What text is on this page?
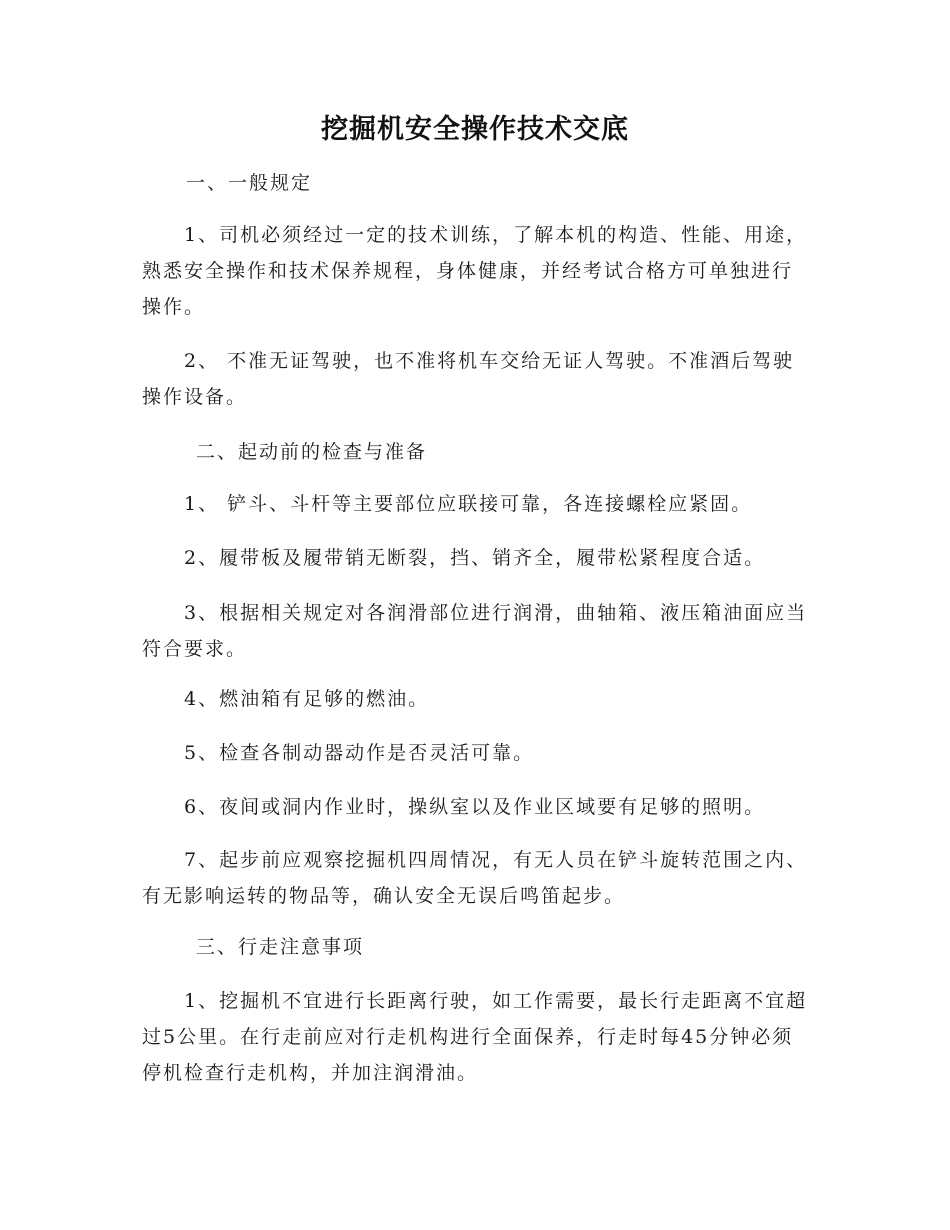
挖掘机安全操作技术交底

一、一般规定

1、司机必须经过一定的技术训练，了解本机的构造、性能、用途，熟悉安全操作和技术保养规程，身体健康，并经考试合格方可单独进行操作。

2、 不准无证驾驶，也不准将机车交给无证人驾驶。不准酒后驾驶操作设备。

二、起动前的检查与准备

1、 铲斗、斗杆等主要部位应联接可靠，各连接螺栓应紧固。

2、履带板及履带销无断裂，挡、销齐全，履带松紧程度合适。

3、根据相关规定对各润滑部位进行润滑，曲轴箱、液压箱油面应当符合要求。

4、燃油箱有足够的燃油。

5、检查各制动器动作是否灵活可靠。

6、夜间或洞内作业时，操纵室以及作业区域要有足够的照明。

7、起步前应观察挖掘机四周情况，有无人员在铲斗旋转范围之内、有无影响运转的物品等，确认安全无误后鸣笛起步。

三、行走注意事项

1、挖掘机不宜进行长距离行驶，如工作需要，最长行走距离不宜超过5公里。在行走前应对行走机构进行全面保养，行走时每45分钟必须停机检查行走机构，并加注润滑油。
